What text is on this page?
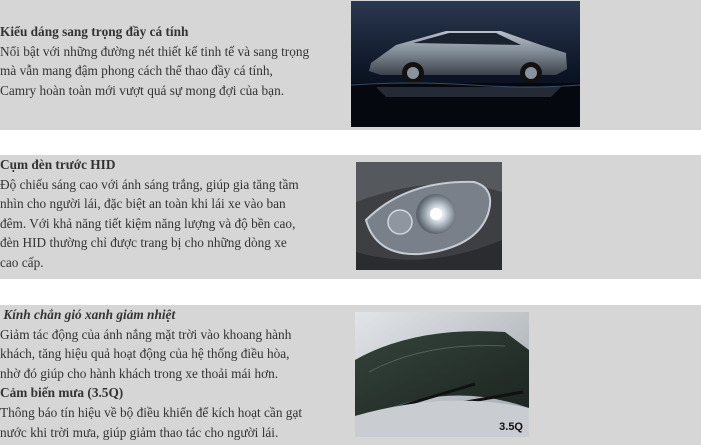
Kiểu dáng sang trọng đầy cá tính
Nổi bật với những đường nét thiết kế tinh tế và sang trọng
mà vẫn mang đậm phong cách thể thao đầy cá tính,
Camry hoàn toàn mới vượt quá sự mong đợi của bạn.
Cụm đèn trước HID
Độ chiếu sáng cao với ánh sáng trắng, giúp gia tăng tầm
nhìn cho người lái, đặc biệt an toàn khi lái xe vào ban
đêm. Với khả năng tiết kiệm năng lượng và độ bền cao,
đèn HID thường chỉ được trang bị cho những dòng xe
cao cấp.
Kính chắn gió xanh giảm nhiệt
Giảm tác động của ánh nắng mặt trời vào khoang hành
khách, tăng hiệu quả hoạt động của hệ thống điều hòa,
nhờ đó giúp cho hành khách trong xe thoải mái hơn.
Cảm biến mưa (3.5Q)
Thông báo tín hiệu về bộ điều khiển để kích hoạt cần gạt
nước khi trời mưa, giúp giảm thao tác cho người lái.	3.5Q
